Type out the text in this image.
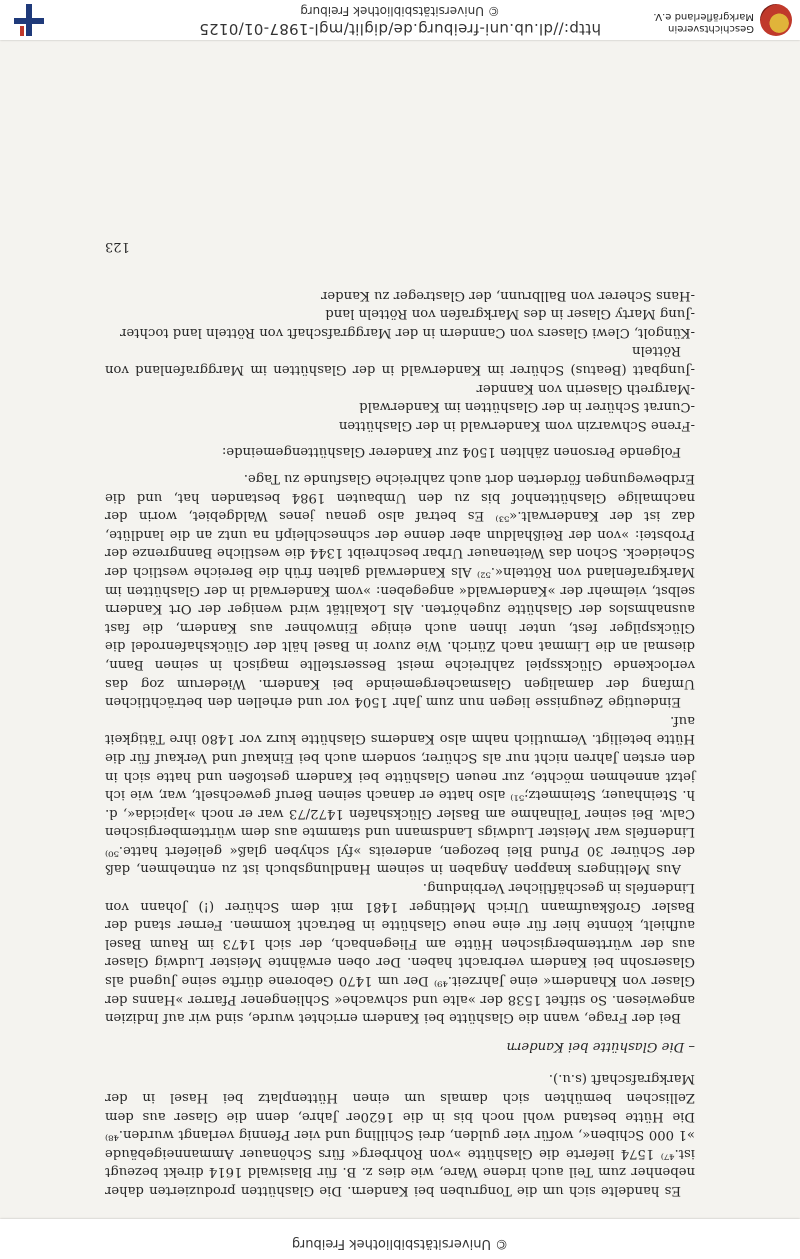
© Universitätsbibliothek Freiburg

Es handelte sich um die Tongruben bei Kandern. Die Glashütten produzierten daher nebenher zum Teil auch irdene Ware, wie dies z. B. für Blasiwald 1614 direkt bezeugt ist.⁴⁷⁾ 1574 lieferte die Glashütte »von Rohrberg« fürs Schönauer Ammanneigebäude »1 000 Schiben«, wofür vier gulden, drei Schilling und vier Pfennig verlangt wurden.⁴⁸⁾ Die Hütte bestand wohl noch bis in die 1620er Jahre, denn die Glaser aus dem Zellischen bemühten sich damals um einen Hüttenplatz bei Hasel in der Markgrafschaft (s.u.).

– Die Glashütte bei Kandern

Bei der Frage, wann die Glashütte bei Kandern errichtet wurde, sind wir auf Indizien angewiesen. So stiftet 1538 der »alte und schwache« Schliengener Pfarrer »Hanns der Glaser von Khandern« eine Jahrzeit.⁴⁹⁾ Der um 1470 Geborene dürfte seine Jugend als Glasersohn bei Kandern verbracht haben. Der oben erwähnte Meister Ludwig Glaser aus der württembergischen Hütte am Fliegenbach, der sich 1473 im Raum Basel aufhielt, könnte hier für eine neue Glashütte in Betracht kommen. Ferner stand der Basler Großkaufmann Ulrich Meltinger 1481 mit dem Schürer (!) Johann von Lindenfels in geschäftlicher Verbindung.

Aus Meltingers knappen Angaben in seinem Handlungsbuch ist zu entnehmen, daß der Schürer 30 Pfund Blei bezogen, andereits »fyl schyben glaß« geliefert hatte.⁵⁰⁾ Lindenfels war Meister Ludwigs Landsmann und stammte aus dem württembergischen Calw. Bei seiner Teilnahme am Basler Glückshafen 1472/73 war er noch »lapicida«, d. h. Steinhauer, Steinmetz;⁵¹⁾ also hatte er danach seinen Beruf gewechselt, war, wie ich jetzt annehmen möchte, zur neuen Glashütte bei Kandern gestoßen und hatte sich in den ersten Jahren nicht nur als Schürer, sondern auch bei Einkauf und Verkauf für die Hütte beteiligt. Vermutlich nahm also Kanderns Glashütte kurz vor 1480 ihre Tätigkeit auf.

Eindeutige Zeugnisse liegen nun zum Jahr 1504 vor und erhellen den beträchtlichen Umfang der damaligen Glasmachergemeinde bei Kandern. Wiederum zog das verlockende Glücksspiel zahlreiche meist Besserstellte magisch in seinen Bann, diesmal an die Limmat nach Zürich. Wie zuvor in Basel hält der Glückshafenrodel die Glückspilger fest, unter ihnen auch einige Einwohner aus Kandern, die fast ausnahmslos der Glashütte zugehörten. Als Lokalität wird weniger der Ort Kandern selbst, vielmehr der »Kanderwald« angegeben: »vom Kanderwald in der Glashütten im Markgrafenland von Rötteln«.⁵²⁾ Als Kanderwald galten früh die Bereiche westlich der Scheideck. Schon das Weitenauer Urbar beschreibt 1344 die westliche Banngrenze der Probstei: »von der Reißhaldun aber denne der schneschleipfi na untz an die landlüte, daz ist der Kanderwalt.«⁵³⁾ Es betraf also genau jenes Waldgebiet, worin der nachmalige Glashüttenhof bis zu den Umbauten 1984 bestanden hat, und die Erdbewegungen förderten dort auch zahlreiche Glasfunde zu Tage.

Folgende Personen zählten 1504 zur Kanderer Glashüttengemeinde:

-Frene Schwarzin vom Kanderwald in der Glashütten
-Cunrat Schürer in der Glashütten im Kanderwald
-Margreth Glaserin von Kannder
-Jungbatt (Beatus) Schürer im Kanderwald in der Glashütten im Marggrafenland von Rötteln
-Küngolt, Clewi Glasers von Canndern in der Marggrafschaft von Rötteln land tochter
-Jung Marty Glaser in des Markgrafen von Rötteln land
-Hans Scherer von Ballbrunn, der Glastreger zu Kander
123
Geschichtsverein
Markgräflerland e.V.
http://dl.ub.uni-freiburg.de/diglit/mgl-1987-01/0125
© Universitätsbibliothek Freiburg
